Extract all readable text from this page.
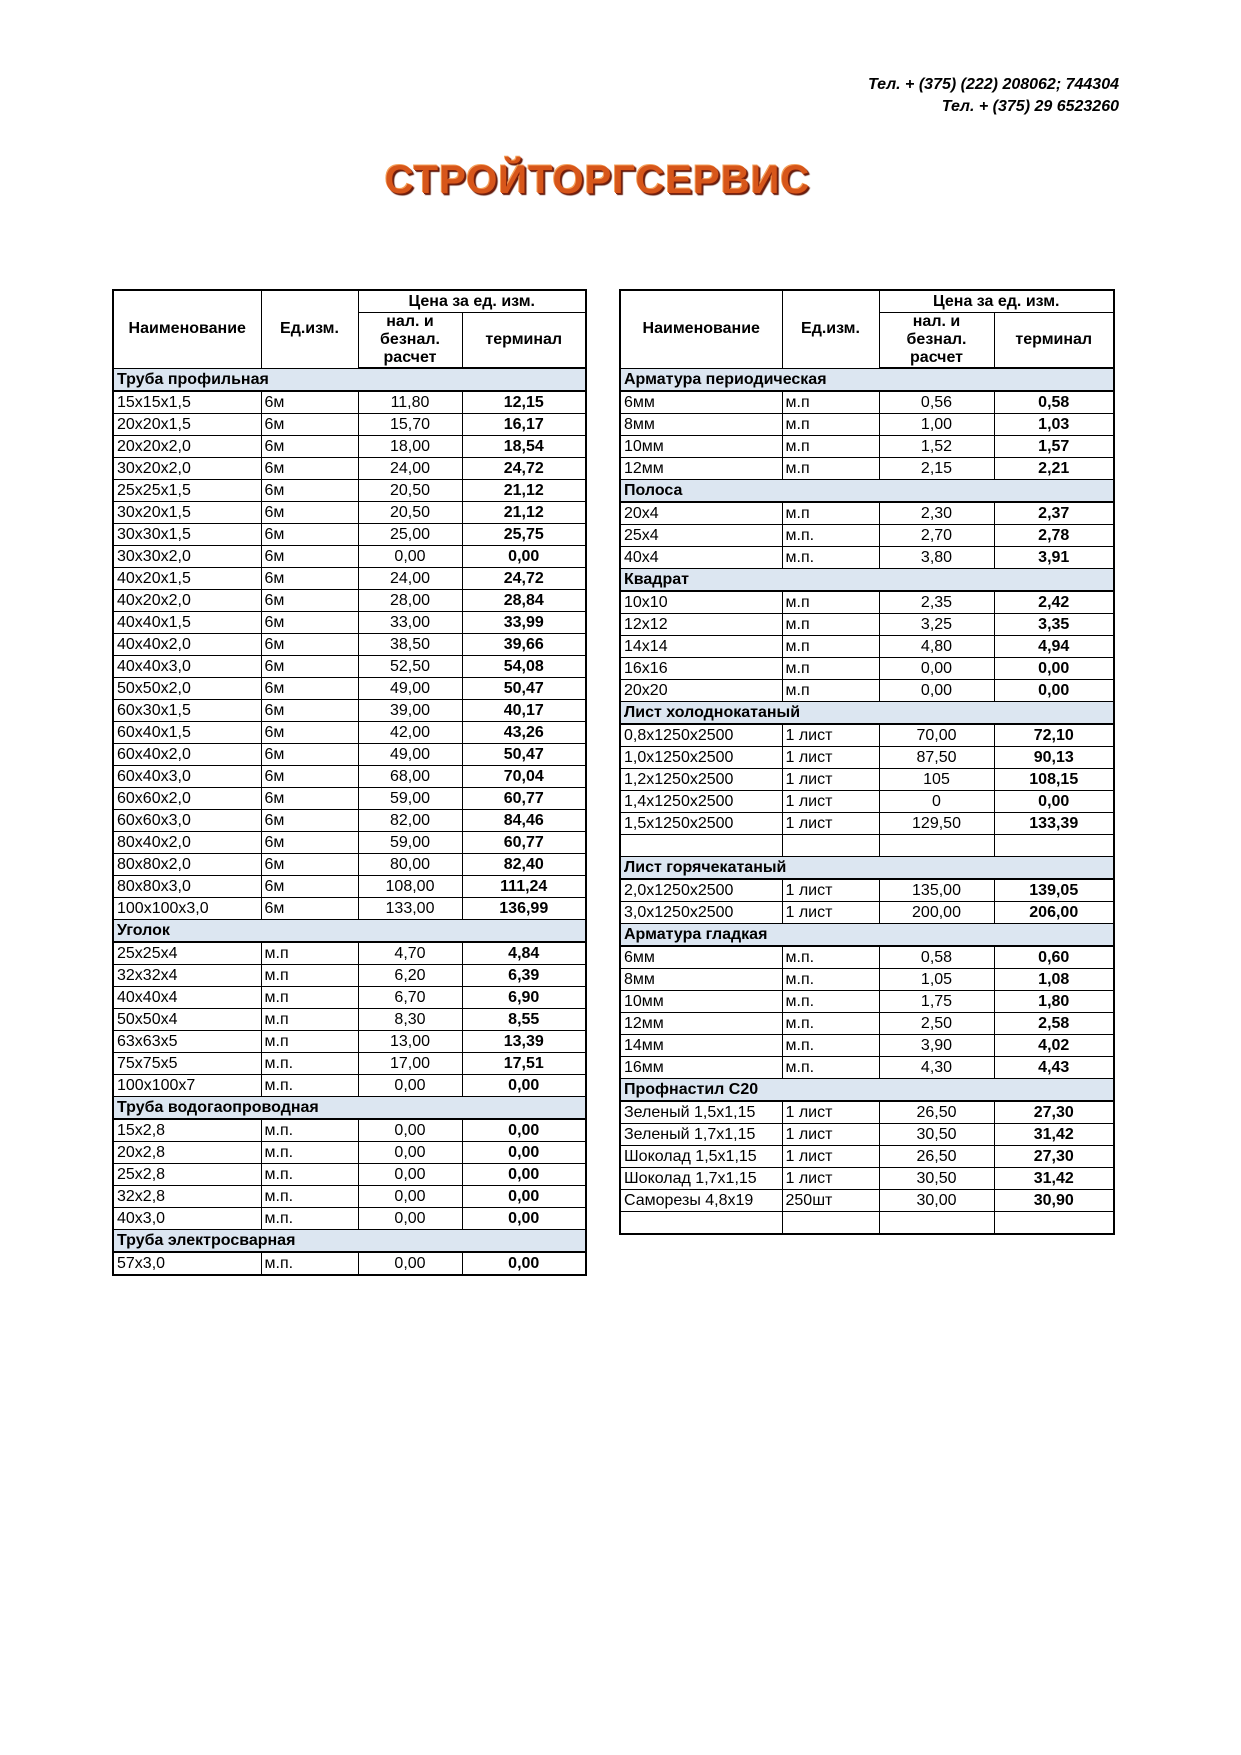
Тел. + (375) (222) 208062; 744304
Тел. + (375) 29 6523260
СТРОЙТОРГСЕРВИС
Наименование	Ед.изм.	Цена за ед. изм.	
		нал. и безнал. расчет	терминал
Труба профильная			
15х15х1,5	6м	11,80	12,15
20х20х1,5	6м	15,70	16,17
20х20х2,0	6м	18,00	18,54
30х20х2,0	6м	24,00	24,72
25х25х1,5	6м	20,50	21,12
30х20х1,5	6м	20,50	21,12
30х30х1,5	6м	25,00	25,75
30х30х2,0	6м	0,00	0,00
40х20х1,5	6м	24,00	24,72
40х20х2,0	6м	28,00	28,84
40х40х1,5	6м	33,00	33,99
40х40х2,0	6м	38,50	39,66
40х40х3,0	6м	52,50	54,08
50х50х2,0	6м	49,00	50,47
60х30х1,5	6м	39,00	40,17
60х40х1,5	6м	42,00	43,26
60х40х2,0	6м	49,00	50,47
60х40х3,0	6м	68,00	70,04
60х60х2,0	6м	59,00	60,77
60х60х3,0	6м	82,00	84,46
80х40х2,0	6м	59,00	60,77
80х80х2,0	6м	80,00	82,40
80х80х3,0	6м	108,00	111,24
100х100х3,0	6м	133,00	136,99
Уголок			
25х25х4	м.п	4,70	4,84
32х32х4	м.п	6,20	6,39
40х40х4	м.п	6,70	6,90
50х50х4	м.п	8,30	8,55
63х63х5	м.п	13,00	13,39
75х75х5	м.п.	17,00	17,51
100х100х7	м.п.	0,00	0,00
Труба водогаопроводная			
15х2,8	м.п.	0,00	0,00
20х2,8	м.п.	0,00	0,00
25х2,8	м.п.	0,00	0,00
32х2,8	м.п.	0,00	0,00
40х3,0	м.п.	0,00	0,00
Труба электросварная			
57х3,0	м.п.	0,00	0,00
Наименование	Ед.изм.	Цена за ед. изм.	
		нал. и безнал. расчет	терминал
Арматура периодическая			
6мм	м.п	0,56	0,58
8мм	м.п	1,00	1,03
10мм	м.п	1,52	1,57
12мм	м.п	2,15	2,21
Полоса			
20х4	м.п	2,30	2,37
25х4	м.п.	2,70	2,78
40х4	м.п.	3,80	3,91
Квадрат			
10х10	м.п	2,35	2,42
12х12	м.п	3,25	3,35
14х14	м.п	4,80	4,94
16х16	м.п	0,00	0,00
20х20	м.п	0,00	0,00
Лист холоднокатаный			
0,8х1250х2500	1 лист	70,00	72,10
1,0х1250х2500	1 лист	87,50	90,13
1,2х1250х2500	1 лист	105	108,15
1,4х1250х2500	1 лист	0	0,00
1,5х1250х2500	1 лист	129,50	133,39

Лист горячекатаный			
2,0х1250х2500	1 лист	135,00	139,05
3,0х1250х2500	1 лист	200,00	206,00
Арматура гладкая			
6мм	м.п.	0,58	0,60
8мм	м.п.	1,05	1,08
10мм	м.п.	1,75	1,80
12мм	м.п.	2,50	2,58
14мм	м.п.	3,90	4,02
16мм	м.п.	4,30	4,43
Профнастил С20			
Зеленый 1,5х1,15	1 лист	26,50	27,30
Зеленый 1,7х1,15	1 лист	30,50	31,42
Шоколад 1,5х1,15	1 лист	26,50	27,30
Шоколад 1,7х1,15	1 лист	30,50	31,42
Саморезы 4,8х19	250шт	30,00	30,90
